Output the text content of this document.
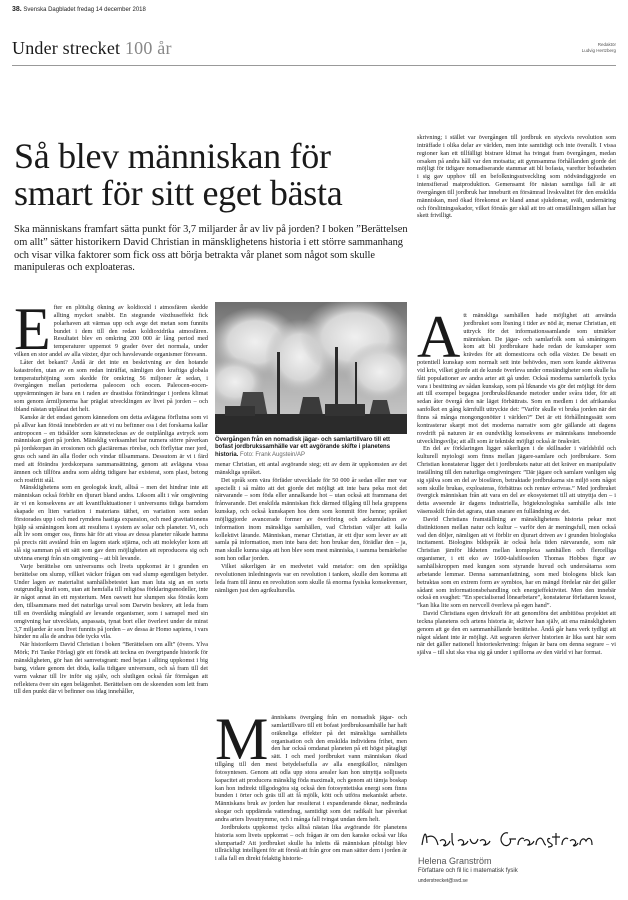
38. Svenska Dagbladet fredag 14 december 2018
Under strecket 100 år	Redaktör
Ludvig Hertzberg
Så blev människan för smart för sitt eget bästa
Ska människans framfart sätta punkt för 3,7 miljarder år av liv på jorden? I boken ”Berättelsen om allt” sätter historikern David Christian in mänsklighetens historia i ett större sammanhang och visar vilka faktorer som fick oss att börja betrakta vår planet som något som skulle manipuleras och exploateras.

E fter en plötslig ökning av koldioxid i atmosfären skedde allting mycket snabbt. En stegrande växthuseffekt fick polarhaven att värmas upp och avge det metan som funnits bundet i dem till den redan koldioxidrika atmosfären. Resultatet blev en omkring 200 000 år lång period med temperaturer uppemot 9 grader över det normala, under vilken en stor andel av alla växter, djur och havslevande organismer försvann.

Låter det bekant? Ändå är det inte en beskrivning av den hotande katastrofen, utan av en som redan inträffat, nämligen den kraftiga globala temperaturhöjning som skedde för omkring 56 miljoner år sedan, i övergången mellan perioderna paleocen och eocen. Paleocen-eocen-uppvärmningen är bara en i raden av drastiska förändringar i jordens klimat som genom årmiljonerna har präglat utvecklingen av livet på jorden – och ibland nästan utplånat det helt.

Kanske är det endast genom kännedom om detta avlägsna förflutna som vi på allvar kan förstå innebörden av att vi nu befinner oss i det forskarna kallar antropocen – en tidsålder som kännetecknas av de outplånliga avtryck som människan gjort på jorden. Mänsklig verksamhet har numera större påverkan på jordskorpan än erosionen och glaciärernas rörelse, och förflyttar mer jord, grus och sand än alla floder och vindar tillsammans. Dessutom är vi i färd med att förändra jordskorpans sammansättning, genom att avlägsna vissa ämnen och tillföra andra som aldrig tidigare har existerat, som plast, betong och rostfritt stål.

Mänsklighetens som en geologisk kraft, alltså – men det hindrar inte att människan också förblir en djurart bland andra. Liksom allt i vår omgivning är vi en konsekvens av att kvantfluktuationer i universums tidiga barndom skapade en liten variation i materians täthet, en variation som sedan förstorades upp i och med rymdens hastiga expansion, och med gravitationens hjälp så småningom kom att resultera i system av solar och planeter. Vi, och allt liv som omger oss, finns här för att vissa av dessa planeter råkade hamna på precis rätt avstånd från en lagom stark stjärna, och att molekyler kom att slå sig samman på ett sätt som gav dem möjligheten att reproducera sig och utvinna energi från sin omgivning – att bli levande.

Varje berättelse om universums och livets uppkomst är i grunden en berättelse om slump, villket väcker frågan om vad slump egentligen betyder. Under lagen av materialist samhällsbetestet kan man luta sig an en sorts outgrundlig kraft som, utan att hemfalla till religiösa förklaringsmodeller, inte är något annat än ett mysterium. Men oavsett hur slumpen ska förstås kom den, tillsammans med det naturliga urval som Darwin beskrev, att leda fram till en överdådig mångfald av levande organismer, som i samspel med sin omgivning har utvecklats, anpassats, tynat bort eller överlevt under de minst 3,7 miljarder år som livet funnits på jorden – av dessa är Homo sapiens, i vars händer nu alla de andras öde tycks vila.

När historikern David Christian i boken ”Berättelsen om allt” (övers. Ylva Mörk; Fri Tanke Förlag) gör ett försök att teckna en övergripande historik för mänskligheten, gör han det samvetsgrant: med bejan i allting uppkomst i big bang, vidare genom det döda, kalla tidigare universum, och så fram till det varm vaknar till liv inför sig själv, och slutligen också får förmågan att reflektera över sin egen belägenhet. Berättelsen om de skeenden som lett fram till den punkt där vi befinner oss idag innehåller,

Övergången från en nomadisk jägar- och samlartillvaro till ett bofast jordbrukssamhälle var ett avgörande skifte i planetens historia. Foto: Frank Augstein/AP

menar Christian, ett antal avgörande steg; ett av dem är uppkomsten av det mänskliga språket.

Det språk som vära förfäder utvecklade för 50 000 år sedan eller mer var speciellt i så måtto att det gjorde det möjligt att inte bara peka mot det närvarande – som föda eller annalkande hot – utan också att frammana det frånvarande. Det enskilda människan fick därmed tillgång till hela gruppens kunskap, och också kunskapen hos dem som kommit före henne; språket möjliggjorde avancerade former av överföring och ackumulation av information inom mänskliga samhällen, vad Christian väljer att kalla kollektivt lärande. Människan, menar Christian, är ett djur som lever av att samla på information, men inte bara det: hon brukar den, förädlar den – ja, man skulle kunna säga att hon blev som mest människa, i samma bemärkelse som hon odlar jorden.

Vilket säkerligen är en medvetet vald metafor: om den språkliga revolutionen inledningsvis var en revolution i tanken, skulle den komma att leda fram till ännu en revolution som skulle få enorma fysiska konsekvenser, nämligen just den agrikulturella.

M änniskans övergång från en nomadisk jägar- och samlartillvaro till ett bofast jordbrukssamhälle har haft oräkneliga effekter på det mänskliga samhällets organisation och den enskilda individens frihet, men den har också omdanat planeten på ett högst påtagligt sätt. I och med jordbruket vann människan ökad tillgång till den mest betydelsefulla av alla energikällor, nämligen fotosyntesen. Genom att odla upp stora arealer kan hon utnyttja solljusets kapacitet att producera mänsklig föda maximalt, och genom att tämja boskap kan hon indirekt tillgodogöra sig också den fotosyntetiska energi som finns bunden i örter och gräs till att få mjölk, kött och utföra mekaniskt arbete. Människans bruk av jorden har resulterat i expanderande öknar, nedbrända skogar och uppdämda vattendrag, samtidigt som det radikalt har påverkat andra arters livsutrymme, och i många fall tvingat undan dem helt.

Jordbrukets uppkomst tycks alltså nästan lika avgörande för planetens historia som livets uppkomst – och frågan är om den kanske också var lika slumpartad? Att jordbruket skulle ha inletts då människan plötsligt blev tillräckligt intelligent för att förstå att från gror om man sätter dem i jorden är i alla fall en direkt felaktig historie-

skrivning; i stället var övergången till jordbruk en styckvis revolution som inträffade i olika delar av världen, men inte samtidigt och inte överallt. I vissa regioner kan ett tillfälligt bistrare klimat ha tvingat fram övergången, medan orsaken på andra håll var den motsatta; att gynnsamma förhållanden gjorde det möjligt för tidigare nomadiserande stammar att bli bofasta, varefter bofastheten i sig gav upphov till en befolkningsutveckling som nödvändiggjorde en intensifierad matproduktion. Gemensamt för nästan samtliga fall är att övergången till jordbruk har inneburit en försämrad livskvalitet för den enskilda människan, med ökad förekomst av bland annat sjukdomar, svält, undernäring och förslitningsskador, vilket förstås ger skäl att tro att omställningen sällan har skett frivilligt.

A tt mänskliga samhällen hade möjlighet att använda jordbruket som lösning i tider av nöd är, menar Christian, ett uttryck för det informationssamlande som utmärker människan. De jägar- och samlarfolk som så småningom kom att bli jordbrukare hade redan de kunskaper som krävdes för att domesticera och odla växter. De besatt en potentiell kunskap som normalt sett inte behövdes, men som kunde aktiveras vid kris, vilket gjorde att de kunde överleva under omständigheter som skulle ha fått populationer av andra arter att gå under. Också moderna samlarfolk tycks vara i besittning av sådan kunskap, som på liknande vis gör det möjligt för dem att till exempel begagna jordbruksliknande metoder under svåra tider, för att sedan åter övergå den när läget förbättrats. Som en medlem i det afrikanska sanfolket en gång kärnfullt uttryckte det: ”Varför skulle vi bruka jorden när det finns så många mongongonötter i världen?” Det är ett förhållningssätt som kontrasterar skarpt mot det moderna narrativ som gör gällande att dagens rovdrift på naturen är en oundviklig konsekvens av människans inneboende utvecklingsvilja; att allt som är tekniskt möjligt också är önskvärt.

En del av förklaringen ligger säkerligen i de skillnader i världsbild och kulturell mytologi som finns mellan jägare-samlare och jordbrukare. Som Christian konstaterar ligger det i jordbrukets natur att det kräver en manipulativ inställning till den naturliga omgivningen: ”Där jägare och samlare vanligen såg sig själva som en del av biosfären, betraktade jordbrukarna sin miljö som något som skulle brukas, exploateras, förbättras och rentav erövras.” Med jordbruket övergick människan från att vara en del av ekosystemet till att utnyttja den – i detta avseende är dagens industriella, högteknologiska samhälle alls inte väsensskilt från det agrara, utan snarare en fulländning av det.

David Christians framställning av mänsklighetens historia pekar mot distinktionen mellan natur och kultur – varför den är meningsfull, men också vad den döljer, nämligen att vi förblir en djurart driven av i grunden biologiska incitament. Biologins bildspråk är också hela tiden närvarande, som när Christian jämför likheten mellan komplexa samhällen och flercelliga organismer, i ett eko av 1600-talsfilosofen Thomas Hobbes figur av samhällskroppen med kungen som styrande huvud och undersåtarna som arbetande lemmar. Denna sammanfattning, som med biologens blick kan betraktas som en extrem form av symbios, har en mängd fördelar när det gäller sådant som informationsbehandling och energieffektivitet. Men den innebär också en svaghet: ”En specialiserad lönearbetare”, konstaterar författaren krasst, ”kan lika lite som en nervcell överleva på egen hand”.

David Christians egen drivkraft för att genomföra det ambitiösa projektet att teckna planetens och artens historia är, skriver han själv, att ena mänskligheten genom att ge den en sammanhållande berättelse. Ändå går hans verk tydligt att något sådant inte är möjligt. Att segraren skriver historien är lika sant här som när det gäller nationell historieskrivning: frågan är bara om denna segrare – vi själva – till slut ska visa sig gå under i spillorna av den värld vi har format.

Helena Granström
Författare och fil lic i matematisk fysik
understrecket@svd.se
